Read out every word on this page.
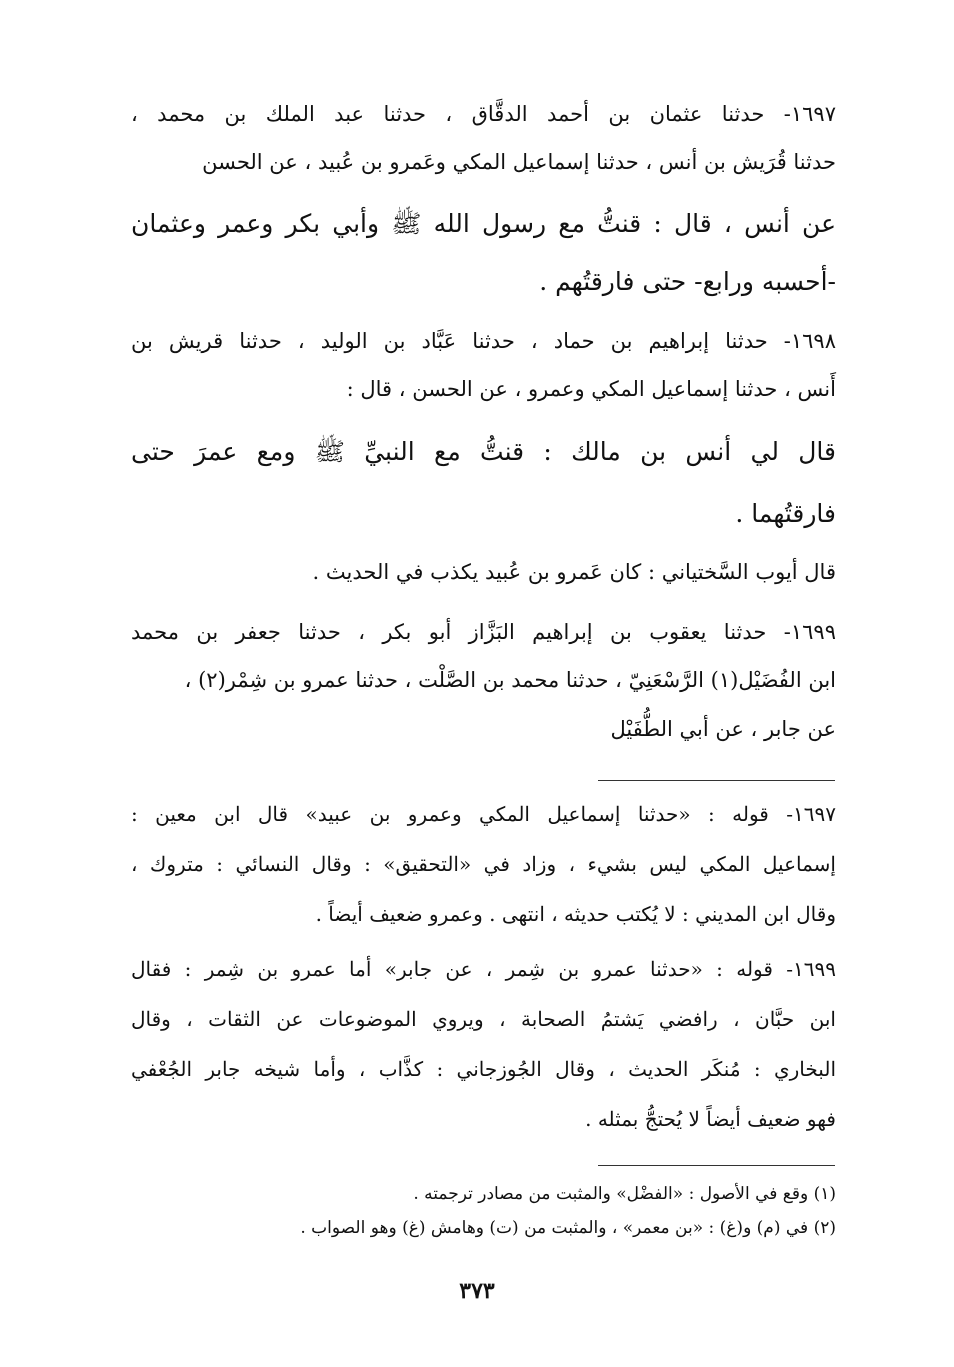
١٦٩٧- حدثنا عثمان بن أحمد الدقَّاق ، حدثنا عبد الملك بن محمد ،
حدثنا قُرَيش بن أنس ، حدثنا إسماعيل المكي وعَمرو بن عُبيد ، عن الحسن
عن أنس ، قال : قنتُّ مع رسول الله ﷺ وأبي بكر وعمر وعثمان
-أحسبه ورابع- حتى فارقتُهم .
١٦٩٨- حدثنا إبراهيم بن حماد ، حدثنا عَبَّاد بن الوليد ، حدثنا قريش بن
أَنس ، حدثنا إسماعيل المكي وعمرو ، عن الحسن ، قال :
قال لي أنس بن مالك : قنتُّ مع النبيِّ ﷺ ومع عمرَ حتى
فارقتُهما .
قال أيوب السَّختياني : كان عَمرو بن عُبيد يكذب في الحديث .
١٦٩٩- حدثنا يعقوب بن إبراهيم البَزَّاز أبو بكر ، حدثنا جعفر بن محمد
ابن الفُضَيْل(١) الرَّسْعَنِيّ ، حدثنا محمد بن الصَّلْت ، حدثنا عمرو بن شِمْر(٢) ،
عن جابر ، عن أبي الطُّفَيْل
١٦٩٧- قوله : «حدثنا إسماعيل المكي وعمرو بن عبيد» قال ابن معين :
إسماعيل المكي ليس بشيء ، وزاد في «التحقيق» : وقال النسائي : متروك ،
وقال ابن المديني : لا يُكتب حديثه ، انتهى . وعمرو ضعيف أيضاً .
١٦٩٩- قوله : «حدثنا عمرو بن شِمر ، عن جابر» أما عمرو بن شِمر : فقال
ابن حبَّان ، رافضي يَشتمُ الصحابة ، ويروي الموضوعات عن الثقات ، وقال
البخاري : مُنكَر الحديث ، وقال الجُوزجاني : كذَّاب ، وأما شيخه جابر الجُعْفي
فهو ضعيف أيضاً لا يُحتجُّ بمثله .
(١) وقع في الأصول : «الفضْل» والمثبت من مصادر ترجمته .
(٢) في (م) و(غ) : «بن معمر» ، والمثبت من (ت) وهامش (غ) وهو الصواب .
٣٧٣
